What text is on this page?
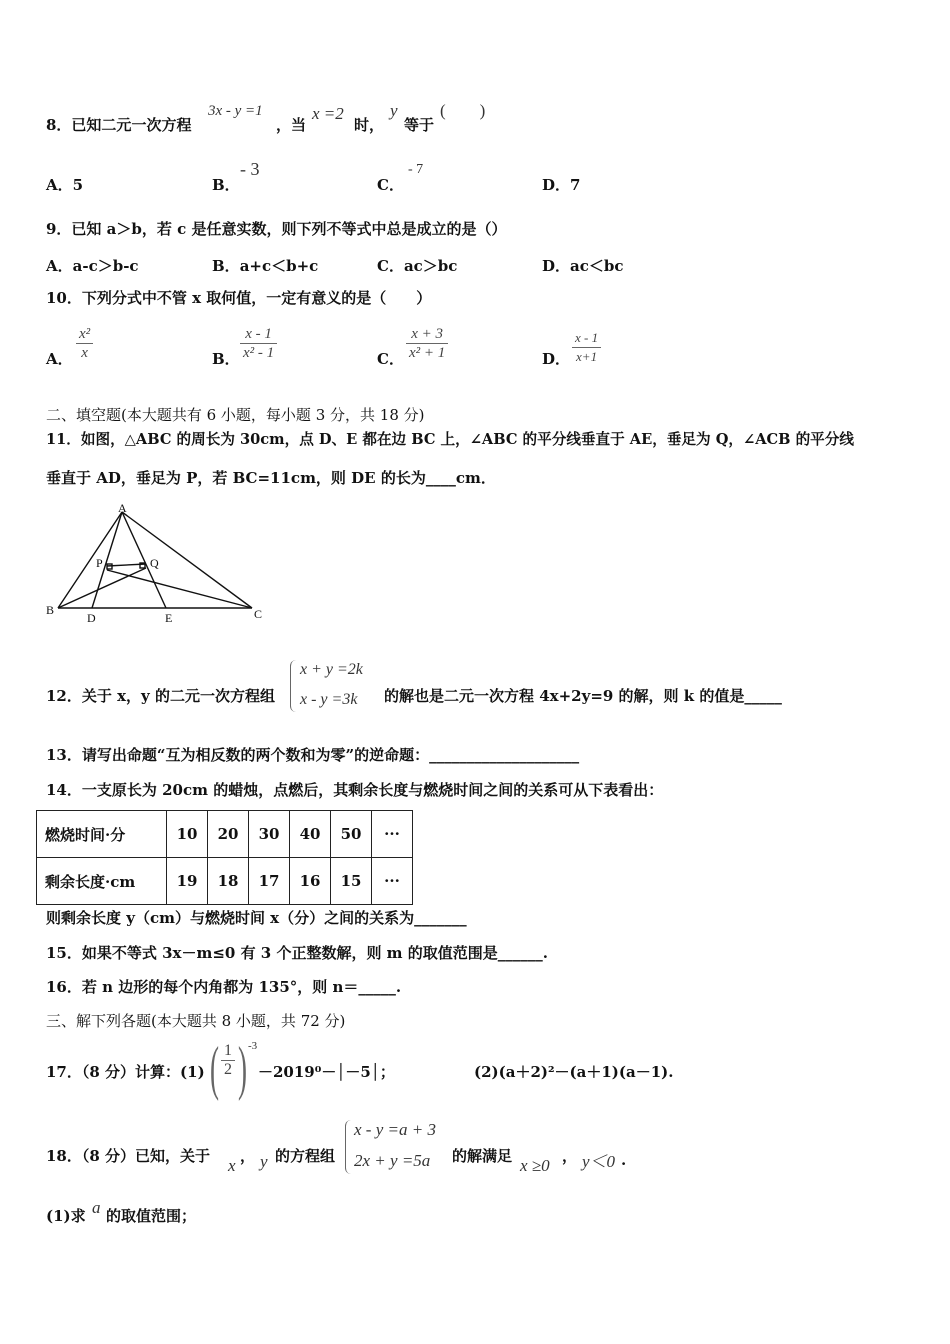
8．已知二元一次方程
3x - y =1
，当
x =2
时，
y
等于
(　　)
A．5	B．
- 3
C．
- 7
D．7
9．已知 a＞b，若 c 是任意实数，则下列不等式中总是成立的是（）
A．a-c＞b-c	B．a+c＜b+c	C．ac＞bc	D．ac＜bc
10．下列分式中不管 x 取何值，一定有意义的是（　　）
A． $\frac{\text{x²}}{x}$	B． $\frac{x - 1}{\text{x² - 1}}$	C． $\frac{x + 3}{\text{x² + 1}}$	D． $\frac{x - 1}{x+1}$
二、填空题(本大题共有 6 小题，每小题 3 分，共 18 分)
11．如图，△ABC 的周长为 30cm，点 D、E 都在边 BC 上，∠ABC 的平分线垂直于 AE，垂足为 Q，∠ACB 的平分线
垂直于 AD，垂足为 P，若 BC=11cm，则 DE 的长为____cm．
A
B	C
D	E
P	Q
12．关于 x，y 的二元一次方程组
x + y =2k
x - y =3k 的解也是二元一次方程 4x+2y=9 的解，则 k 的值是_____
13．请写出命题“互为相反数的两个数和为零”的逆命题：____________________
14．一支原长为 20cm 的蜡烛，点燃后，其剩余长度与燃烧时间之间的关系可从下表看出：
燃烧时间·分	10	20	30	40	50	···
剩余长度·cm	19	18	17	16	15	···
则剩余长度 y（cm）与燃烧时间 x（分）之间的关系为_______
15．如果不等式 3x－m≤0 有 3 个正整数解，则 m 的取值范围是______.
16．若 n 边形的每个内角都为 135°，则 n＝_____.
三、解下列各题(本大题共 8 小题，共 72 分)
17．（8 分）计算：(1) ( $\frac{1}{2}$ ) -3
－2019⁰－│－5│；	(2)(a＋2)²－(a＋1)(a－1).
18．（8 分）已知，关于 x ， y 的方程组
x - y =a + 3
2x + y =5a 的解满足 x ≥0 ， y＜0 .
(1)求 a 的取值范围；
